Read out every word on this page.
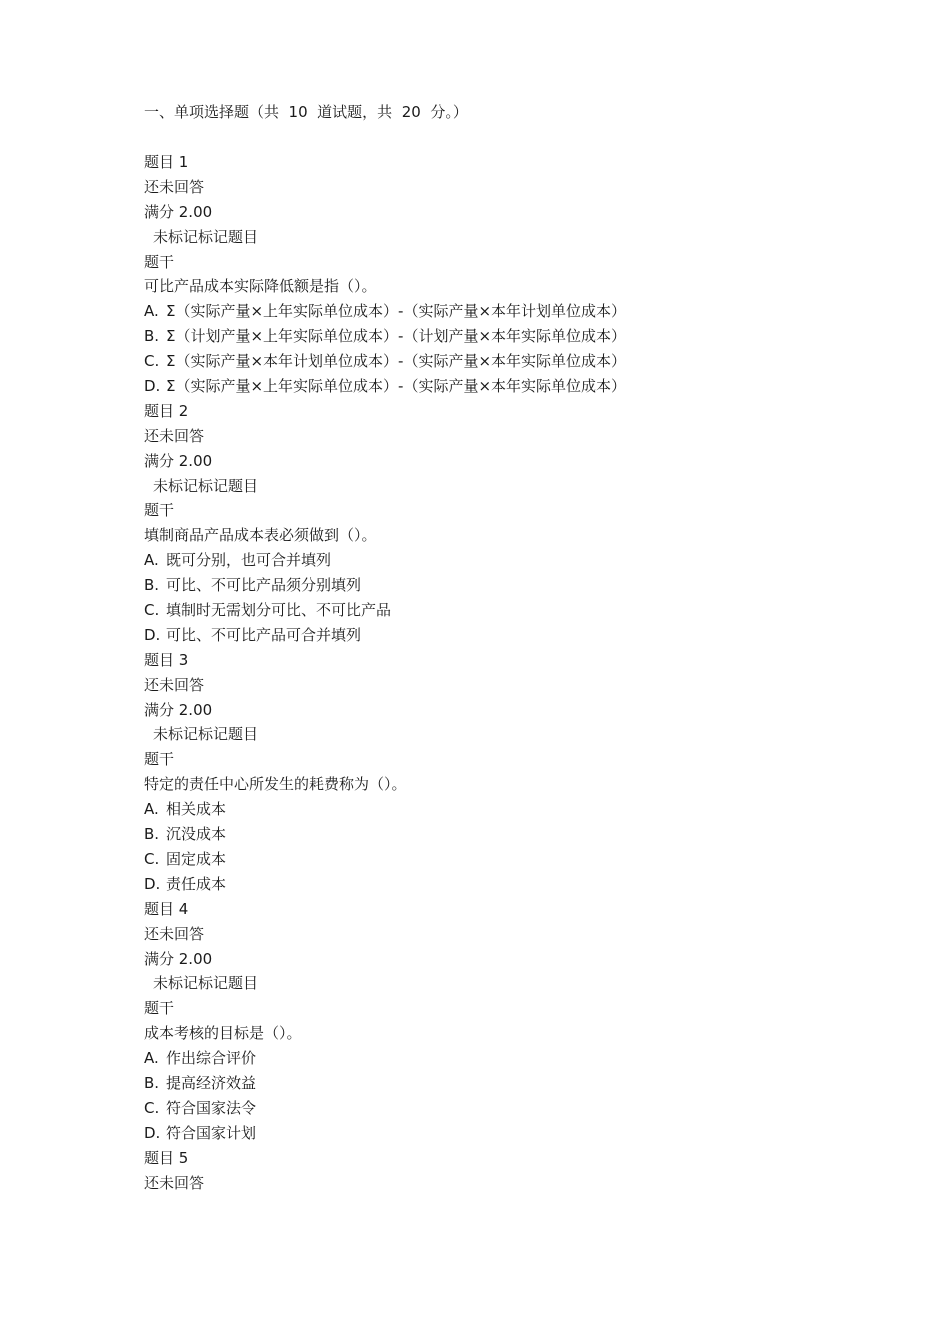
一、单项选择题（共  10  道试题，共  20  分。）
题目 1
还未回答
满分 2.00
未标记标记题目
题干
可比产品成本实际降低额是指（）。
A. Σ（实际产量×上年实际单位成本）-（实际产量×本年计划单位成本）
B. Σ（计划产量×上年实际单位成本）-（计划产量×本年实际单位成本）
C. Σ（实际产量×本年计划单位成本）-（实际产量×本年实际单位成本）
D. Σ（实际产量×上年实际单位成本）-（实际产量×本年实际单位成本）
题目 2
还未回答
满分 2.00
未标记标记题目
题干
填制商品产品成本表必须做到（）。
A. 既可分别，也可合并填列
B. 可比、不可比产品须分别填列
C. 填制时无需划分可比、不可比产品
D. 可比、不可比产品可合并填列
题目 3
还未回答
满分 2.00
未标记标记题目
题干
特定的责任中心所发生的耗费称为（）。
A. 相关成本
B. 沉没成本
C. 固定成本
D. 责任成本
题目 4
还未回答
满分 2.00
未标记标记题目
题干
成本考核的目标是（）。
A. 作出综合评价
B. 提高经济效益
C. 符合国家法令
D. 符合国家计划
题目 5
还未回答
